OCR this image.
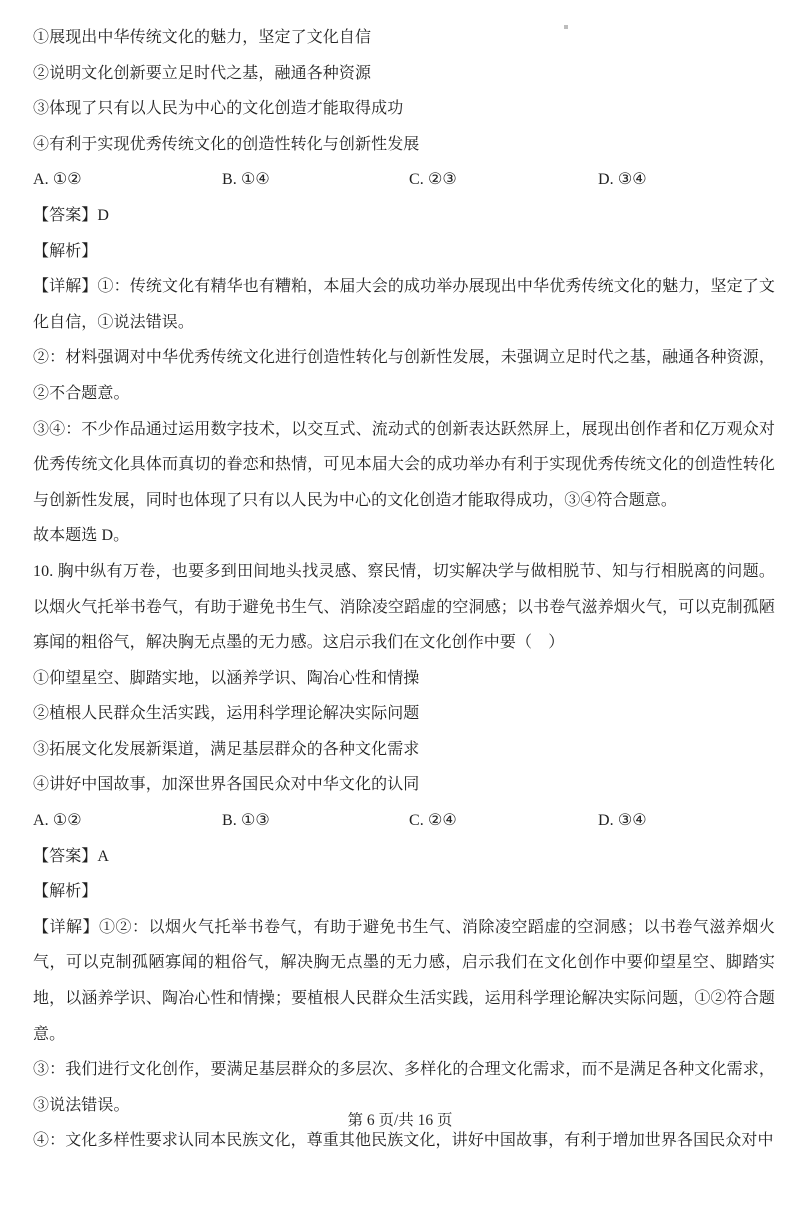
①展现出中华传统文化的魅力，坚定了文化自信

②说明文化创新要立足时代之基，融通各种资源

③体现了只有以人民为中心的文化创造才能取得成功

④有利于实现优秀传统文化的创造性转化与创新性发展

A. ①②	B. ①④	C. ②③	D. ③④

【答案】D

【解析】

【详解】①：传统文化有精华也有糟粕，本届大会的成功举办展现出中华优秀传统文化的魅力，坚定了文化自信，①说法错误。

②：材料强调对中华优秀传统文化进行创造性转化与创新性发展，未强调立足时代之基，融通各种资源，②不合题意。

③④：不少作品通过运用数字技术，以交互式、流动式的创新表达跃然屏上，展现出创作者和亿万观众对优秀传统文化具体而真切的眷恋和热情，可见本届大会的成功举办有利于实现优秀传统文化的创造性转化与创新性发展，同时也体现了只有以人民为中心的文化创造才能取得成功，③④符合题意。

故本题选 D。

10. 胸中纵有万卷，也要多到田间地头找灵感、察民情，切实解决学与做相脱节、知与行相脱离的问题。以烟火气托举书卷气，有助于避免书生气、消除凌空蹈虚的空洞感；以书卷气滋养烟火气，可以克制孤陋寡闻的粗俗气，解决胸无点墨的无力感。这启示我们在文化创作中要（　）

①仰望星空、脚踏实地，以涵养学识、陶冶心性和情操

②植根人民群众生活实践，运用科学理论解决实际问题

③拓展文化发展新渠道，满足基层群众的各种文化需求

④讲好中国故事，加深世界各国民众对中华文化的认同

A. ①②	B. ①③	C. ②④	D. ③④

【答案】A

【解析】

【详解】①②：以烟火气托举书卷气，有助于避免书生气、消除凌空蹈虚的空洞感；以书卷气滋养烟火气，可以克制孤陋寡闻的粗俗气，解决胸无点墨的无力感，启示我们在文化创作中要仰望星空、脚踏实地，以涵养学识、陶冶心性和情操；要植根人民群众生活实践，运用科学理论解决实际问题，①②符合题意。

③：我们进行文化创作，要满足基层群众的多层次、多样化的合理文化需求，而不是满足各种文化需求，③说法错误。

④：文化多样性要求认同本民族文化，尊重其他民族文化，讲好中国故事，有利于增加世界各国民众对中

第 6 页/共 16 页
